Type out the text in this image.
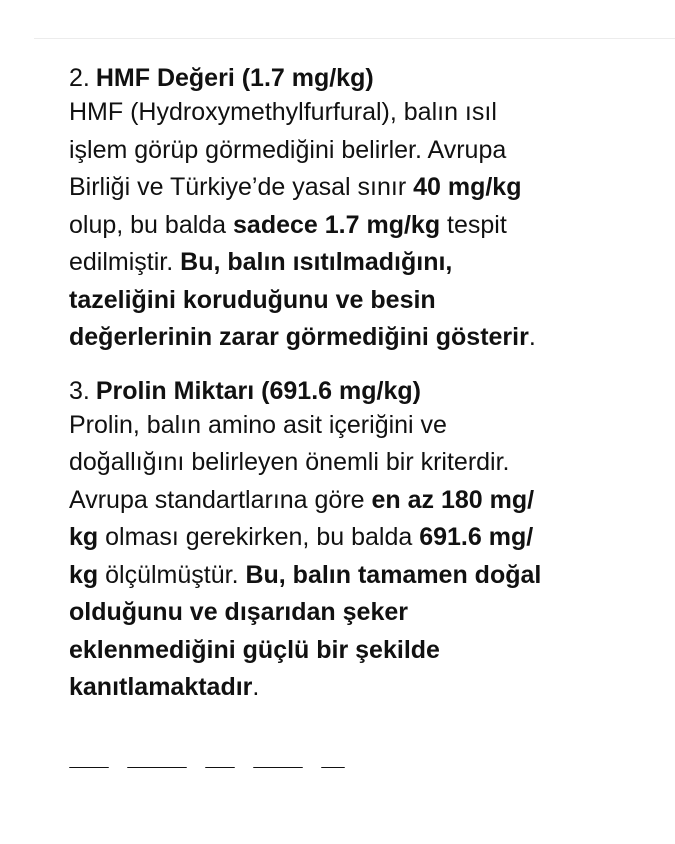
2. HMF Değeri (1.7 mg/kg)

HMF (Hydroxymethylfurfural), balın ısıl
işlem görüp görmediğini belirler. Avrupa
Birliği ve Türkiye’de yasal sınır 40 mg/kg
olup, bu balda sadece 1.7 mg/kg tespit
edilmiştir. Bu, balın ısıtılmadığını,
tazeliğini koruduğunu ve besin
değerlerinin zarar görmediğini gösterir.

3. Prolin Miktarı (691.6 mg/kg)

Prolin, balın amino asit içeriğini ve
doğallığını belirleyen önemli bir kriterdir.
Avrupa standartlarına göre en az 180 mg/
kg olması gerekirken, bu balda 691.6 mg/
kg ölçülmüştür. Bu, balın tamamen doğal
olduğunu ve dışarıdan şeker
eklenmediğini güçlü bir şekilde
kanıtlamaktadır.
